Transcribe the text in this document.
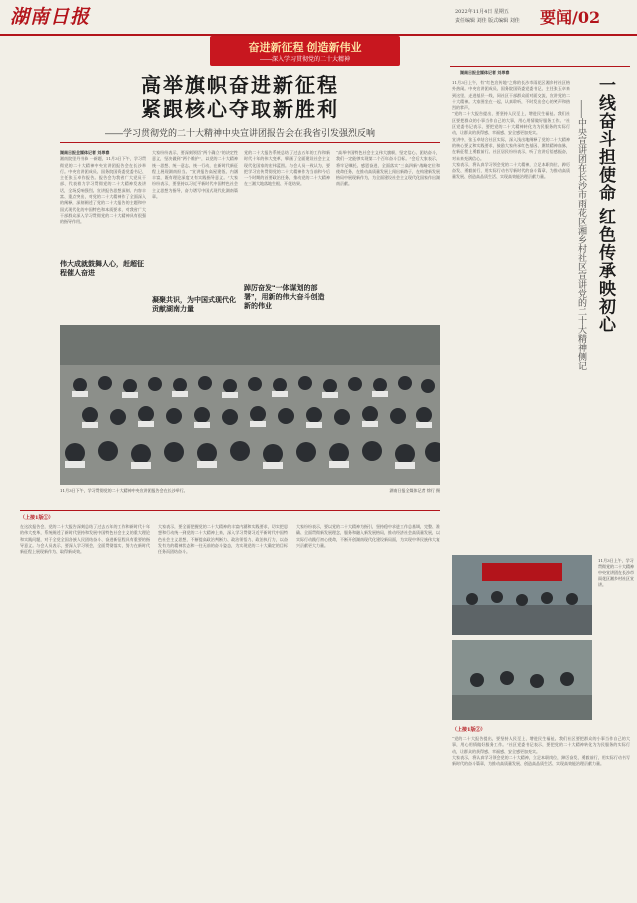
湖南日报	2022年11月4日 星期五
责任编辑 刘佳 版式编辑 刘佳 要闻/02
奋进新征程 创造新伟业
——深入学习贯彻党的二十大精神
高举旗帜奋进新征程
紧跟核心夺取新胜利
——学习贯彻党的二十大精神中央宣讲团报告会在我省引发强烈反响
湖南日报全媒体记者 刘昂春
湘南院里丹书恭 一新题，11月3日下午，学习贯彻党的二十大精神中央宣讲团报告会在长沙举行。中央宣讲团成员、国务院国资委党委书记、主任张玉卓作报告。报告会为我省广大党员干部、代表着力学习贯彻党的二十大精神发表讲话，全场反响强烈。宣讲报告思想深刻、内容丰富、重点突出，对党的二十大精神作了全面深入的阐释，深刻阐述了党的二十大报告的主题和中国式现代化的中国特色和本质要求，对我省广大干部群众深入学习贯彻党的二十大精神具有很强的指导作用。
伟大成就鼓舞人心，赶超征程催人奋进
大家纷纷表示，要深刻领悟“两个确立”的决定性意义，坚决做到“两个维护”，以党的二十大精神统一思想、统一意志、统一行动，在新时代新征程上展现湖南担当。“宣讲报告高屋建瓴、内涵丰富，既有理论深度又有实践指导意义。”大家纷纷表示，要坚持以习近平新时代中国特色社会主义思想为指导，奋力谱写中国式现代化湖南篇章。
凝聚共识，为中国式现代化贡献湖南力量
党的二十大报告系统总结了过去五年的工作和新时代十年的伟大变革，擘画了全面建设社会主义现代化国家的宏伟蓝图。与会人员一致认为，要把学习宣传贯彻党的二十大精神作为当前和今后一个时期的首要政治任务，推动党的二十大精神在三湘大地落地生根、开花结果。
踔厉奋发“一体谋划的部署”，用新的伟大奋斗创造新的伟业
“高举中国特色社会主义伟大旗帜，坚定信心、团结奋斗，我们一定能够实现第二个百年奋斗目标。”会后大家表示，将牢记嘱托、感恩奋进，全面落实“三高四新”战略定位和使命任务，在推动高质量发展上闯出新路子，在构建新发展格局中展现新作为，为全面建设社会主义现代化国家作出湖南贡献。
11月3日下午，学习贯彻党的二十大精神中央宣讲团报告会在长沙举行。	湖南日报全媒体记者 徐行 摄
一线奋斗担使命 红色传承映初心
——中央宣讲团在长沙市雨花区湘乡村社区宣讲党的二十大精神侧记
湖南日报全媒体记者 刘昂春
11月3日上午，有“红色宣传地”之称的长沙市雨花区湘乡村社区格外热闹。中央宣讲团成员、国务院国资委党委书记、主任张玉卓来到这里，走进基层一线，同社区干部群众面对面交流，宣讲党的二十大精神。大家围坐在一起，认真聆听，不时发出会心的笑声和热烈的掌声。
“党的二十大报告提出，要坚持人民至上，增进民生福祉。我们社区要把群众的小事当作自己的大事，用心用情做好服务工作。”社区党委书记表示，要把党的二十大精神转化为为民服务的实际行动，让群众的获得感、幸福感、安全感更加充实。
宣讲中，张玉卓结合社区实际，深入浅出地阐释了党的二十大精神的核心要义和实践要求，鼓励大家传承红色基因、赓续精神血脉，在新征程上勇毅前行。社区居民纷纷表示，听了宣讲后倍感振奋，对未来充满信心。
大家表示，将认真学习领会党的二十大精神，立足本职岗位，踔厉奋发、勇毅前行，用实际行动书写新时代的奋斗篇章，为推动高质量发展、创造高品质生活、实现高效能治理贡献力量。
11月3日上午，学习贯彻党的二十大精神中央宣讲团在长沙市雨花区湘乡村社区宣讲。
（上接1版①）
（上接1版②）
在这次报告会，党的二十大报告深刻总结了过去五年的工作和新时代十年的伟大变革，系统阐述了新时代坚持和发展中国特色社会主义的重大理论和实践问题，对于全党全国各族人民团结奋斗、奋进新征程具有重要的指导意义。与会人员表示，要深入学习领会，全面贯彻落实，努力在新时代新征程上展现新作为、取得新成效。
大家表示，要全面把握党的二十大精神的丰富内涵和实践要求，切实把思想和行动统一到党的二十大精神上来，深入学习贯彻习近平新时代中国特色社会主义思想，不断提高政治判断力、政治领悟力、政治执行力，以奋发有为的精神状态和一往无前的奋斗姿态，为实现党的二十大确定的目标任务而团结奋斗。
大家纷纷表示，要以党的二十大精神为指引，坚持稳中求进工作总基调，完整、准确、全面贯彻新发展理念，服务和融入新发展格局，推动经济社会高质量发展，以实际行动践行初心使命，不断开创湖南现代化建设新局面，为实现中华民族伟大复兴贡献更大力量。
“党的二十大报告提出，要坚持人民至上，增进民生福祉。我们社区要把群众的小事当作自己的大事，用心用情做好服务工作。”社区党委书记表示，要把党的二十大精神转化为为民服务的实际行动，让群众的获得感、幸福感、安全感更加充实。
大家表示，将认真学习领会党的二十大精神，立足本职岗位，踔厉奋发、勇毅前行，用实际行动书写新时代的奋斗篇章，为推动高质量发展、创造高品质生活、实现高效能治理贡献力量。
